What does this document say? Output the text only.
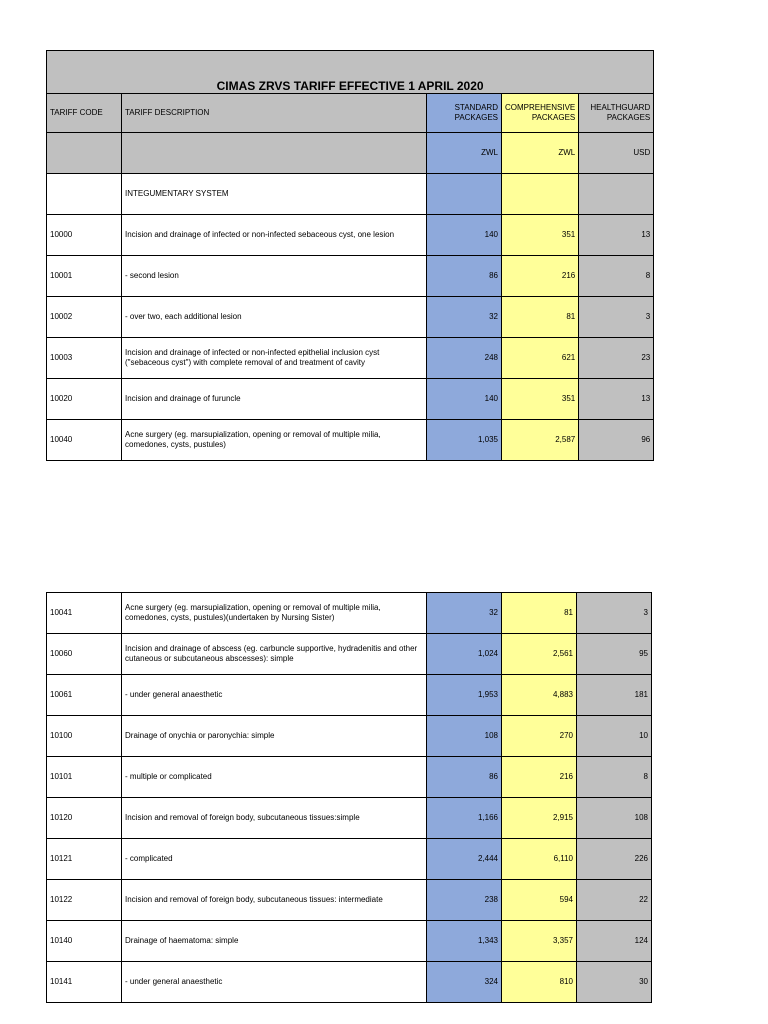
CIMAS ZRVS TARIFF EFFECTIVE 1 APRIL 2020				
TARIFF CODE	TARIFF DESCRIPTION	STANDARD PACKAGES	COMPREHENSIVE PACKAGES	HEALTHGUARD PACKAGES
		ZWL	ZWL	USD
	INTEGUMENTARY SYSTEM			
10000	Incision and drainage of infected or non-infected sebaceous cyst, one lesion	140	351	13
10001	- second lesion	86	216	8
10002	- over two, each additional lesion	32	81	3
10003	Incision and drainage of infected or non-infected epithelial inclusion cyst ("sebaceous cyst") with complete removal of and treatment of cavity	248	621	23
10020	Incision and drainage of furuncle	140	351	13
10040	Acne surgery (eg. marsupialization, opening or removal of multiple milia, comedones, cysts, pustules)	1,035	2,587	96
10041	Acne surgery (eg. marsupialization, opening or removal of multiple milia, comedones, cysts, pustules)(undertaken by Nursing Sister)	32	81	3
10060	Incision and drainage of abscess (eg. carbuncle supportive, hydradenitis and other cutaneous or subcutaneous abscesses): simple	1,024	2,561	95
10061	- under general anaesthetic	1,953	4,883	181
10100	Drainage of onychia or paronychia: simple	108	270	10
10101	- multiple or complicated	86	216	8
10120	Incision and removal of foreign body, subcutaneous tissues:simple	1,166	2,915	108
10121	- complicated	2,444	6,110	226
10122	Incision and removal of foreign body, subcutaneous tissues: intermediate	238	594	22
10140	Drainage of haematoma: simple	1,343	3,357	124
10141	- under general anaesthetic	324	810	30
